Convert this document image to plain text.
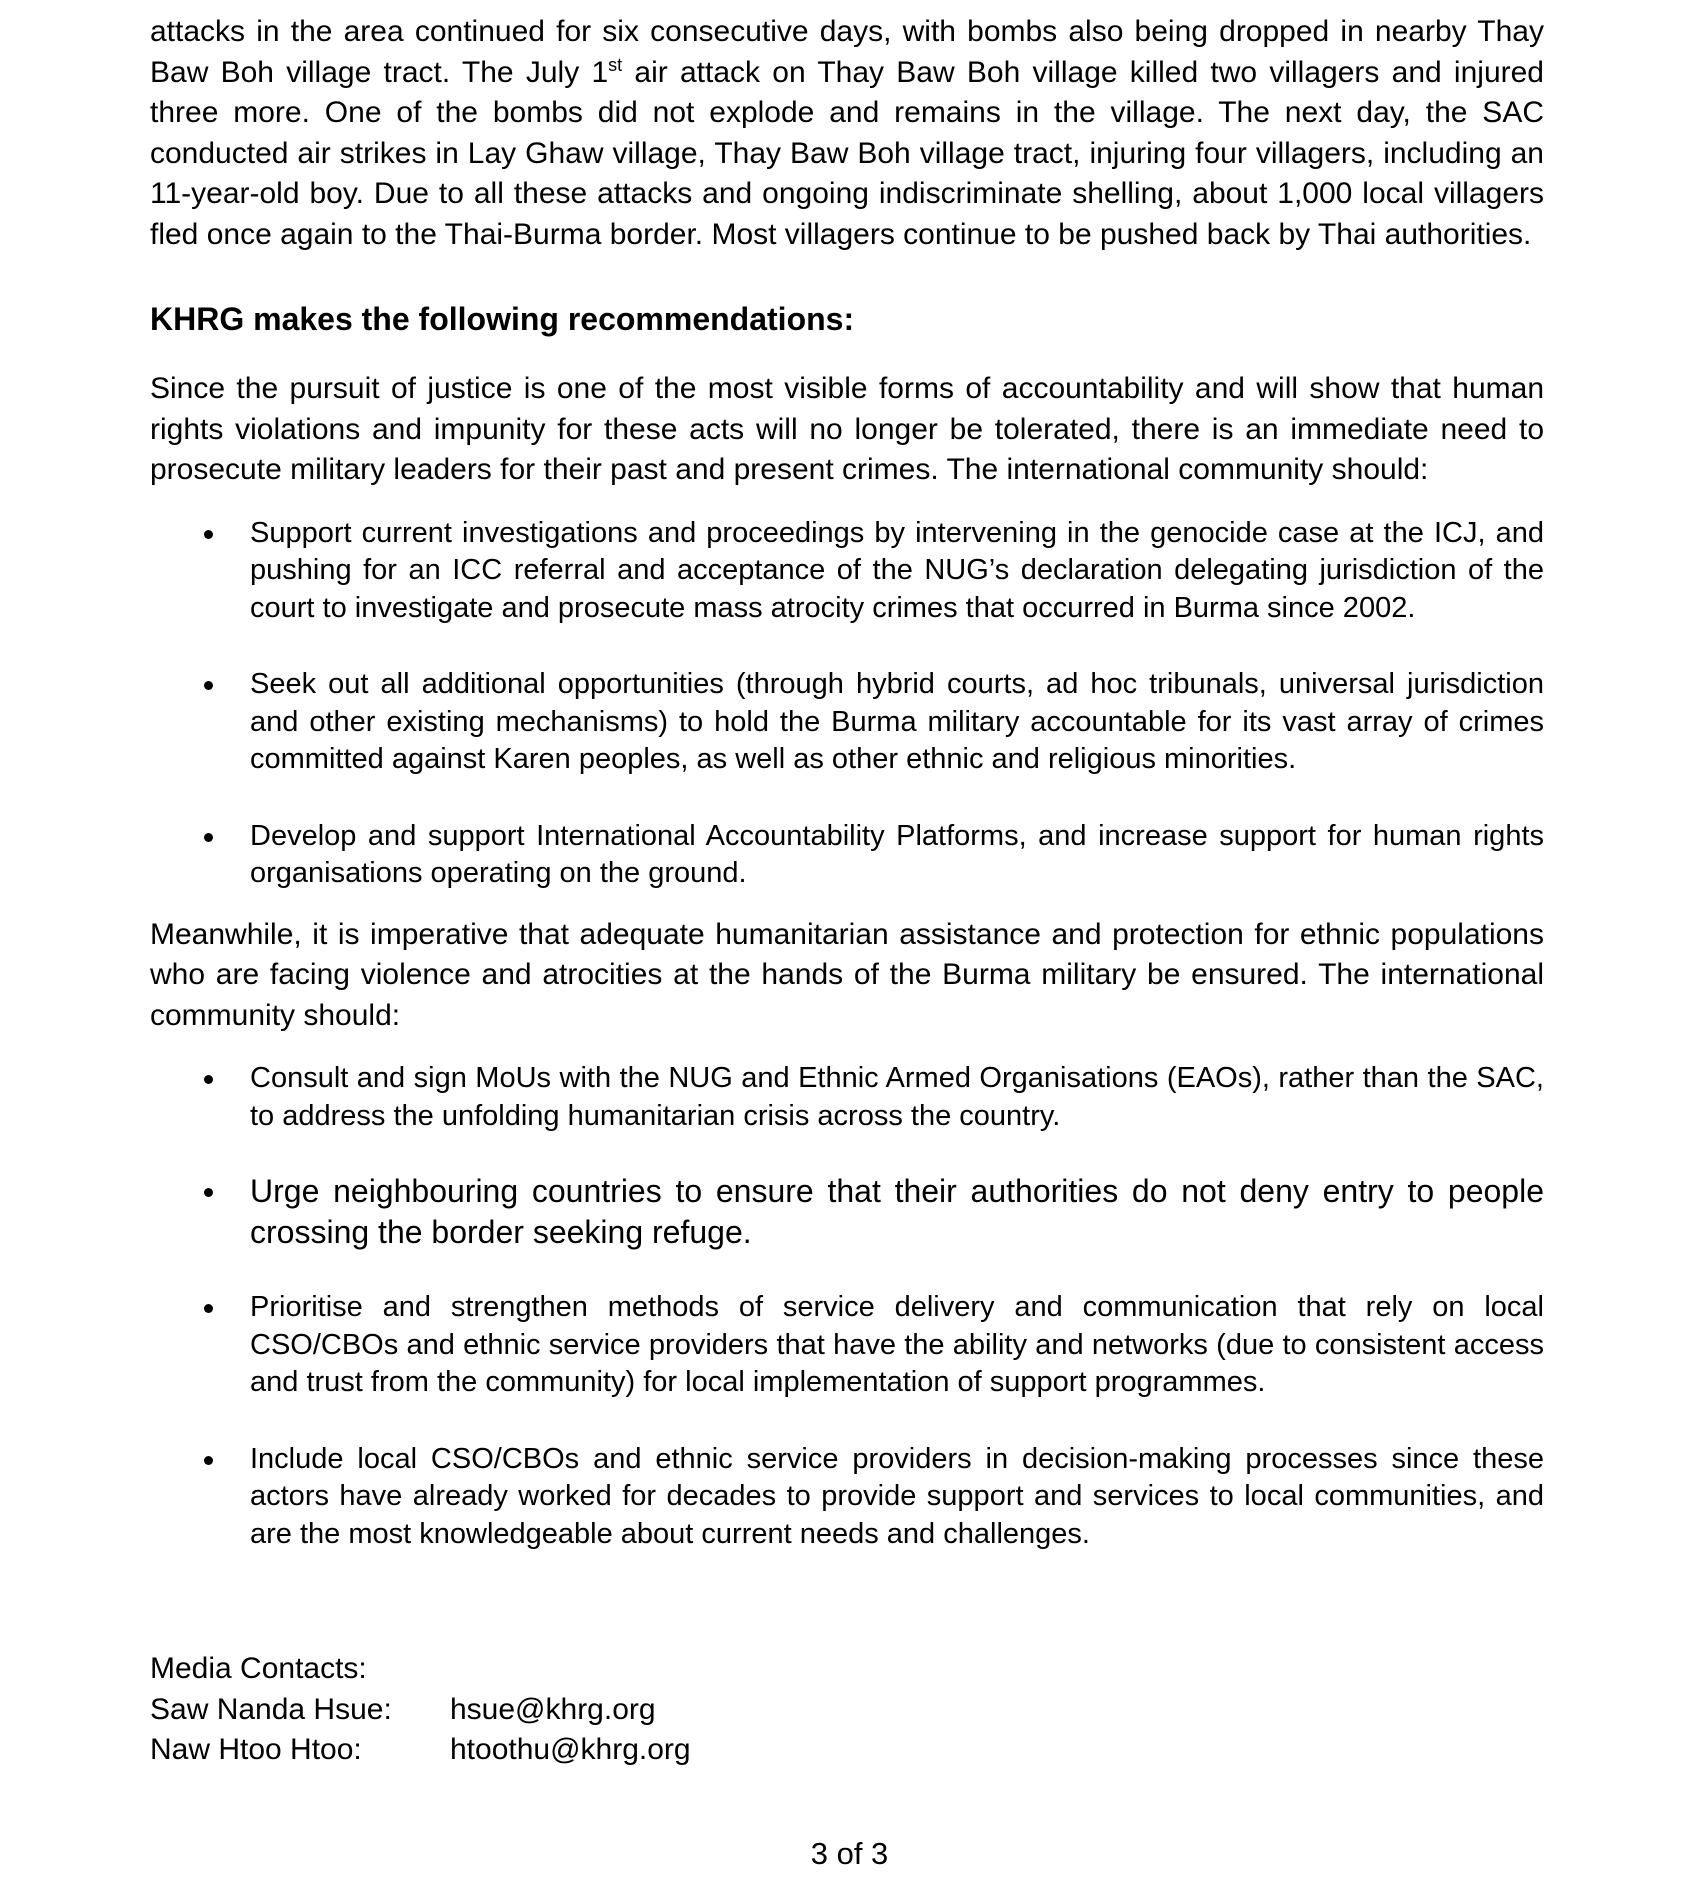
attacks in the area continued for six consecutive days, with bombs also being dropped in nearby Thay Baw Boh village tract. The July 1st air attack on Thay Baw Boh village killed two villagers and injured three more. One of the bombs did not explode and remains in the village. The next day, the SAC conducted air strikes in Lay Ghaw village, Thay Baw Boh village tract, injuring four villagers, including an 11-year-old boy. Due to all these attacks and ongoing indiscriminate shelling, about 1,000 local villagers fled once again to the Thai-Burma border. Most villagers continue to be pushed back by Thai authorities.

KHRG makes the following recommendations:

Since the pursuit of justice is one of the most visible forms of accountability and will show that human rights violations and impunity for these acts will no longer be tolerated, there is an immediate need to prosecute military leaders for their past and present crimes. The international community should:

Support current investigations and proceedings by intervening in the genocide case at the ICJ, and pushing for an ICC referral and acceptance of the NUG’s declaration delegating jurisdiction of the court to investigate and prosecute mass atrocity crimes that occurred in Burma since 2002.
Seek out all additional opportunities (through hybrid courts, ad hoc tribunals, universal jurisdiction and other existing mechanisms) to hold the Burma military accountable for its vast array of crimes committed against Karen peoples, as well as other ethnic and religious minorities.
Develop and support International Accountability Platforms, and increase support for human rights organisations operating on the ground.

Meanwhile, it is imperative that adequate humanitarian assistance and protection for ethnic populations who are facing violence and atrocities at the hands of the Burma military be ensured. The international community should:

Consult and sign MoUs with the NUG and Ethnic Armed Organisations (EAOs), rather than the SAC, to address the unfolding humanitarian crisis across the country.
Urge neighbouring countries to ensure that their authorities do not deny entry to people crossing the border seeking refuge.
Prioritise and strengthen methods of service delivery and communication that rely on local CSO/CBOs and ethnic service providers that have the ability and networks (due to consistent access and trust from the community) for local implementation of support programmes.
Include local CSO/CBOs and ethnic service providers in decision-making processes since these actors have already worked for decades to provide support and services to local communities, and are the most knowledgeable about current needs and challenges.
Media Contacts:
Saw Nanda Hsue:	hsue@khrg.org
Naw Htoo Htoo:	htoothu@khrg.org
3 of 3
